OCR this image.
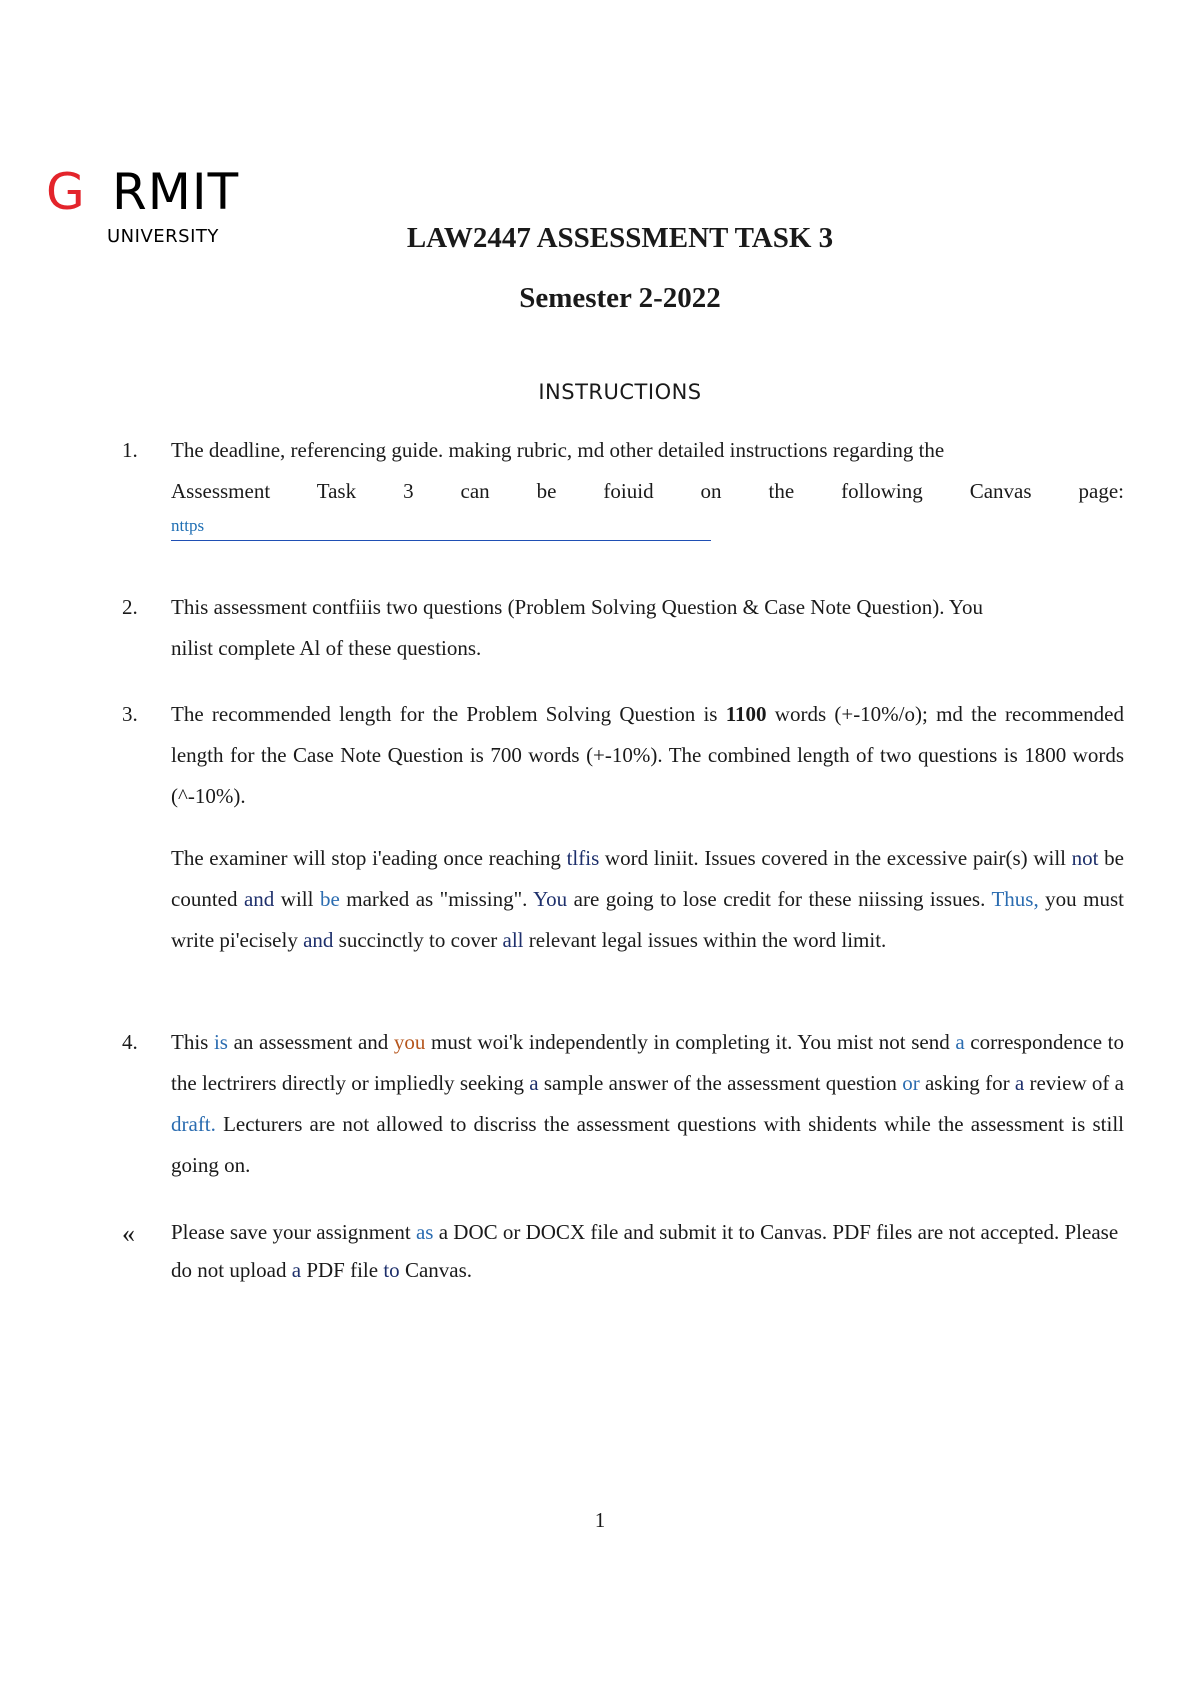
G RMIT
UNIVERSITY	LAW2447 ASSESSMENT TASK 3
Semester 2-2022
INSTRUCTIONS
1.	The deadline, referencing guide. making rubric, md other detailed instructions regarding the

Assessment Task 3 can be foiuid on the following Canvas page:

nttps
2.	This assessment contfiiis two questions (Problem Solving Question & Case Note Question). You

nilist complete Al of these questions.

3.	The recommended length for the Problem Solving Question is 1100 words (+-10%/o); md the recommended length for the Case Note Question is 700 words (+-10%). The combined length of two questions is 1800 words (^-10%).

The examiner will stop i'eading once reaching tlfis word liniit. Issues covered in the excessive pair(s) will not be counted and will be marked as "missing". You are going to lose credit for these niissing issues. Thus, you must write pi'ecisely and succinctly to cover all relevant legal issues within the word limit.

4.	This is an assessment and you must woi'k independently in completing it. You mist not send a correspondence to the lectrirers directly or impliedly seeking a sample answer of the assessment question or asking for a review of a draft. Lecturers are not allowed to discriss the assessment questions with shidents while the assessment is still going on.

«	Please save your assignment as a DOC or DOCX file and submit it to Canvas. PDF files are not accepted. Please do not upload a PDF file to Canvas.

1
